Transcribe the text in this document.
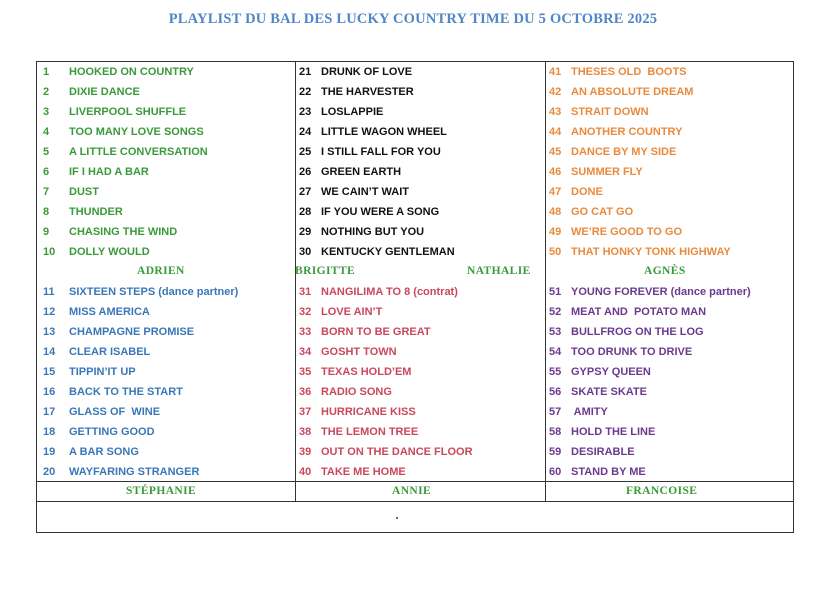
PLAYLIST DU BAL DES LUCKY COUNTRY TIME DU 5 OCTOBRE 2025
ADRIEN	BRIGITTE	NATHALIE	AGNÈS
STÉPHANIE	ANNIE	FRANCOISE
1	HOOKED ON COUNTRY
2	DIXIE DANCE
3	LIVERPOOL SHUFFLE
4	TOO MANY LOVE SONGS
5	A LITTLE CONVERSATION
6	IF I HAD A BAR
7	DUST
8	THUNDER
9	CHASING THE WIND
10	DOLLY WOULD
21 DRUNK OF LOVE
22 THE HARVESTER
23 LOSLAPPIE
24 LITTLE WAGON WHEEL
25 I STILL FALL FOR YOU
26 GREEN EARTH
27 WE CAIN’T WAIT
28 IF YOU WERE A SONG
29 NOTHING BUT YOU
30 KENTUCKY GENTLEMAN
41 THESES OLD  BOOTS
42 AN ABSOLUTE DREAM
43 STRAIT DOWN
44 ANOTHER COUNTRY
45 DANCE BY MY SIDE
46 SUMMER FLY
47 DONE
48 GO CAT GO
49 WE’RE GOOD TO GO
50 THAT HONKY TONK HIGHWAY
11	SIXTEEN STEPS (dance partner)
12	MISS AMERICA
13	CHAMPAGNE PROMISE
14	CLEAR ISABEL
15	TIPPIN’IT UP
16	BACK TO THE START
17	GLASS OF  WINE
18	GETTING GOOD
19	A BAR SONG
20	WAYFARING STRANGER
31 NANGILIMA TO 8 (contrat)
32 LOVE AIN’T
33 BORN TO BE GREAT
34 GOSHT TOWN
35 TEXAS HOLD’EM
36 RADIO SONG
37 HURRICANE KISS
38 THE LEMON TREE
39 OUT ON THE DANCE FLOOR
40 TAKE ME HOME
51 YOUNG FOREVER (dance partner)
52 MEAT AND  POTATO MAN
53 BULLFROG ON THE LOG
54 TOO DRUNK TO DRIVE
55 GYPSY QUEEN
56 SKATE SKATE
57 AMITY
58 HOLD THE LINE
59 DESIRABLE
60 STAND BY ME
